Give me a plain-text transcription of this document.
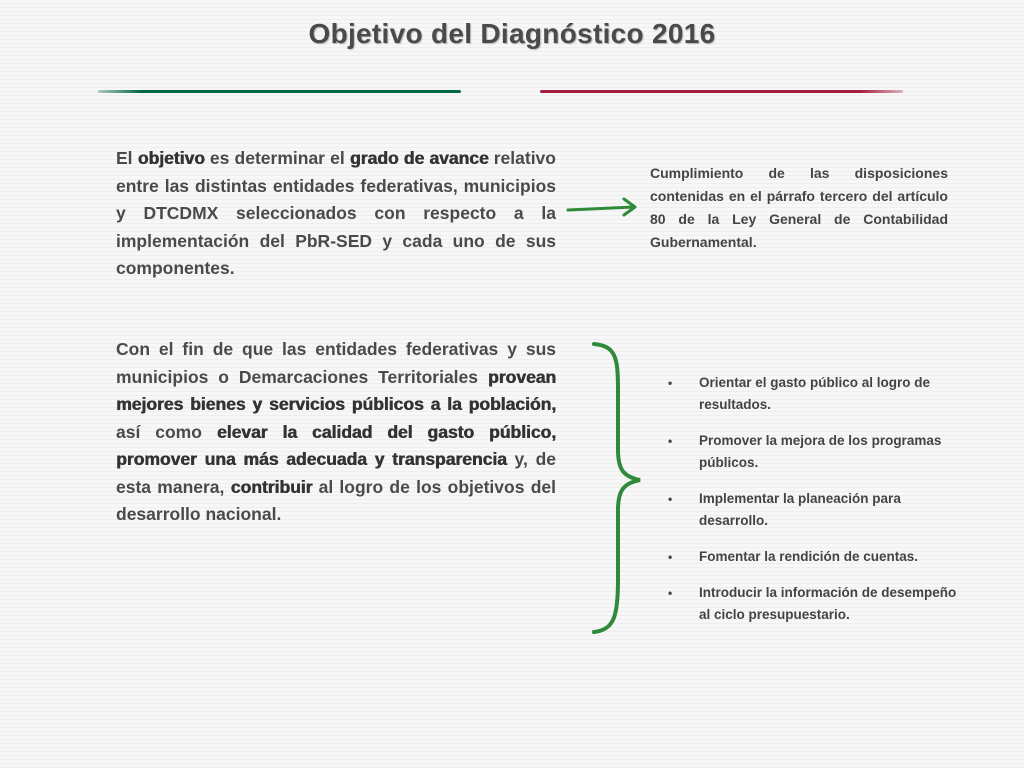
Objetivo del Diagnóstico 2016
El objetivo es determinar el grado de avance relativo entre las distintas entidades federativas, municipios y DTCDMX seleccionados con respecto a la implementación del PbR-SED y cada uno de sus componentes.
Con el fin de que las entidades federativas y sus municipios o Demarcaciones Territoriales provean mejores bienes y servicios públicos a la población, así como elevar la calidad del gasto público, promover una más adecuada y transparencia y, de esta manera, contribuir al logro de los objetivos del desarrollo nacional.
Cumplimiento de las disposiciones contenidas en el párrafo tercero del artículo 80 de la Ley General de Contabilidad Gubernamental.
• Orientar el gasto público al logro de resultados.
• Promover la mejora de los programas públicos.
• Implementar la planeación para desarrollo.
• Fomentar la rendición de cuentas.
• Introducir la información de desempeño al ciclo presupuestario.
